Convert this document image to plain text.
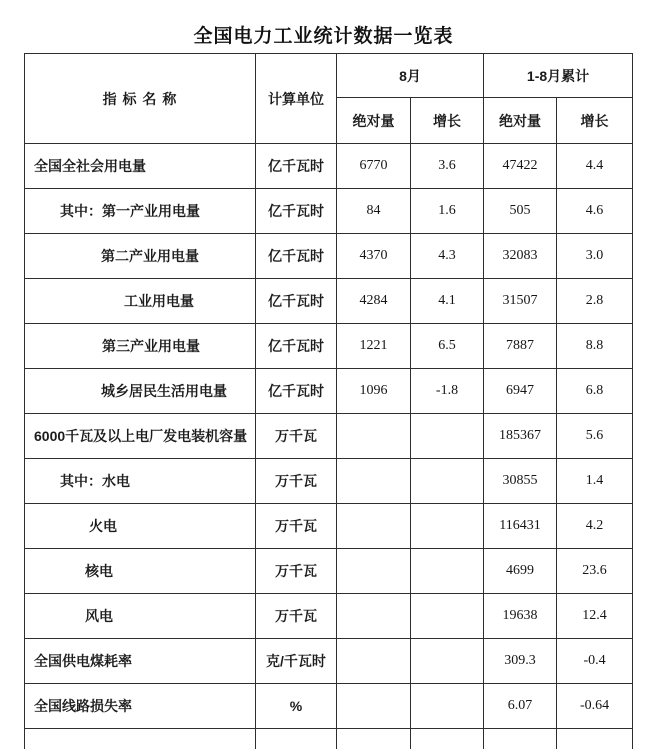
全国电力工业统计数据一览表
指 标 名 称	计算单位	8月		1-8月累计	
		绝对量	增长	绝对量	增长
全国全社会用电量	亿千瓦时	6770	3.6	47422	4.4
其中：第一产业用电量	亿千瓦时	84	1.6	505	4.6
第二产业用电量	亿千瓦时	4370	4.3	32083	3.0
工业用电量	亿千瓦时	4284	4.1	31507	2.8
第三产业用电量	亿千瓦时	1221	6.5	7887	8.8
城乡居民生活用电量	亿千瓦时	1096	-1.8	6947	6.8
6000千瓦及以上电厂发电装机容量	万千瓦			185367	5.6
其中：水电	万千瓦			30855	1.4
火电	万千瓦			116431	4.2
核电	万千瓦			4699	23.6
风电	万千瓦			19638	12.4
全国供电煤耗率	克/千瓦时			309.3	-0.4
全国线路损失率	%			6.07	-0.64
